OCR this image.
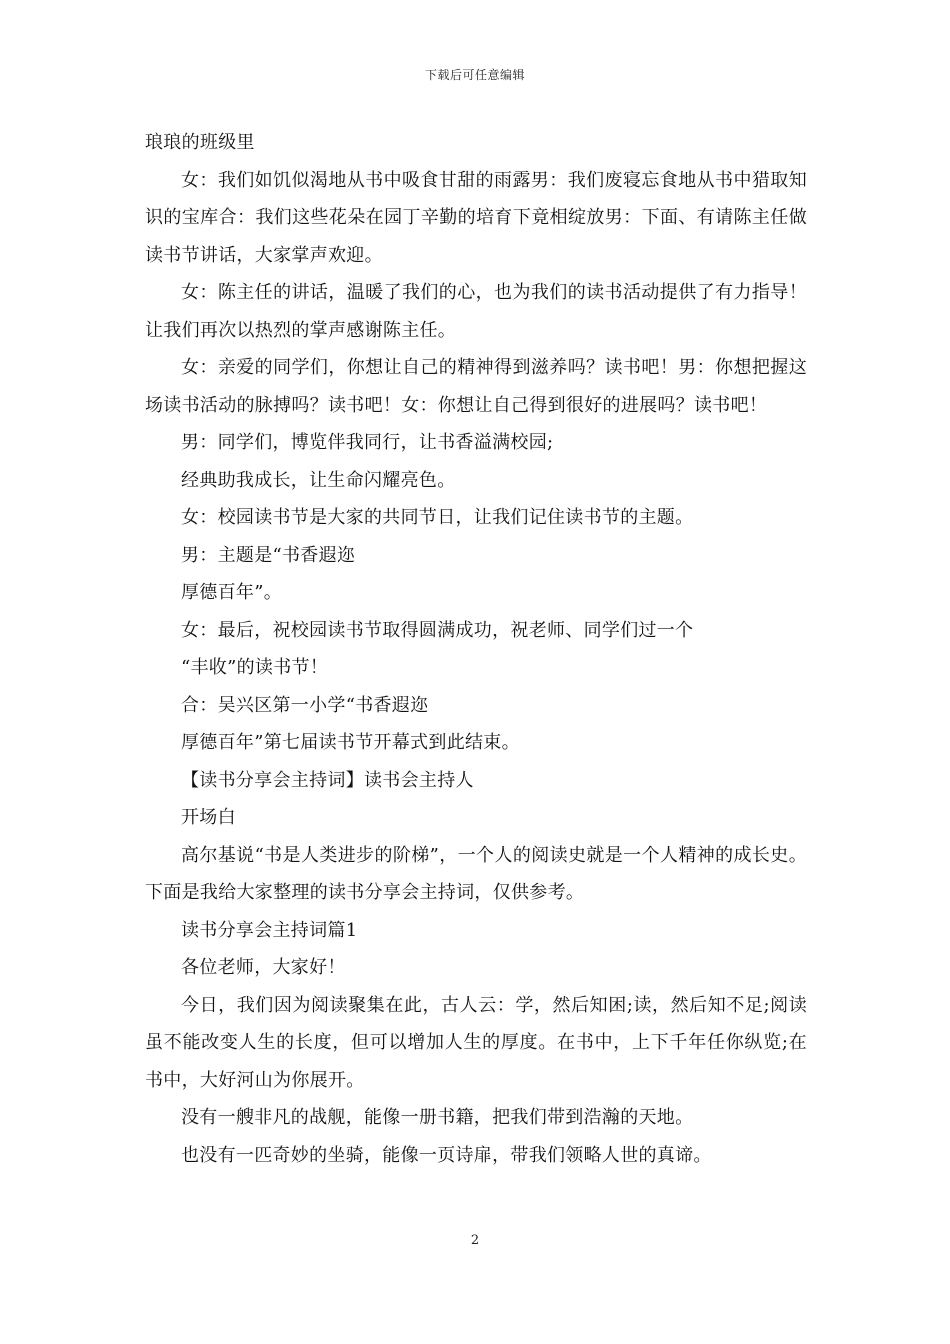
下载后可任意编辑

琅琅的班级里

女：我们如饥似渴地从书中吸食甘甜的雨露男：我们废寝忘食地从书中猎取知识的宝库合：我们这些花朵在园丁辛勤的培育下竟相绽放男：下面、有请陈主任做读书节讲话，大家掌声欢迎。

女：陈主任的讲话，温暖了我们的心，也为我们的读书活动提供了有力指导！让我们再次以热烈的掌声感谢陈主任。

女：亲爱的同学们，你想让自己的精神得到滋养吗？读书吧！男：你想把握这场读书活动的脉搏吗？读书吧！女：你想让自己得到很好的进展吗？读书吧！

男：同学们，博览伴我同行，让书香溢满校园;

经典助我成长，让生命闪耀亮色。

女：校园读书节是大家的共同节日，让我们记住读书节的主题。

男：主题是“书香遐迩

厚德百年”。

女：最后，祝校园读书节取得圆满成功，祝老师、同学们过一个

“丰收”的读书节！

合：吴兴区第一小学“书香遐迩

厚德百年”第七届读书节开幕式到此结束。

【读书分享会主持词】读书会主持人

开场白

高尔基说“书是人类进步的阶梯”，一个人的阅读史就是一个人精神的成长史。下面是我给大家整理的读书分享会主持词，仅供参考。

读书分享会主持词篇1

各位老师，大家好！

今日，我们因为阅读聚集在此，古人云：学，然后知困;读，然后知不足;阅读虽不能改变人生的长度，但可以增加人生的厚度。在书中，上下千年任你纵览;在书中，大好河山为你展开。

没有一艘非凡的战舰，能像一册书籍，把我们带到浩瀚的天地。

也没有一匹奇妙的坐骑，能像一页诗扉，带我们领略人世的真谛。

2
